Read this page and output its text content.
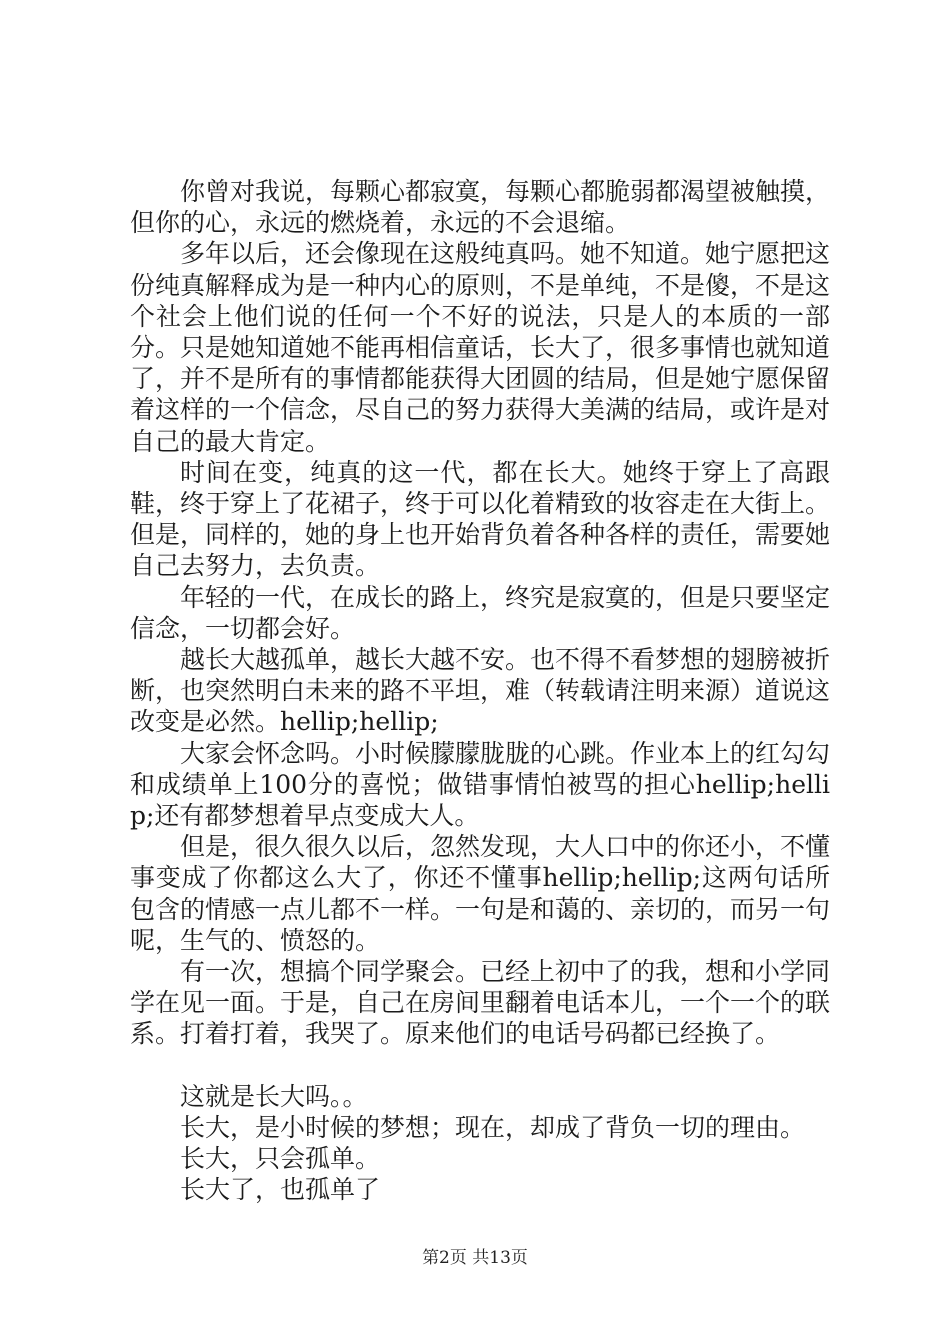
你曾对我说，每颗心都寂寞，每颗心都脆弱都渴望被触摸，但你的心，永远的燃烧着，永远的不会退缩。

多年以后，还会像现在这般纯真吗。她不知道。她宁愿把这份纯真解释成为是一种内心的原则，不是单纯，不是傻，不是这个社会上他们说的任何一个不好的说法，只是人的本质的一部分。只是她知道她不能再相信童话，长大了，很多事情也就知道了，并不是所有的事情都能获得大团圆的结局，但是她宁愿保留着这样的一个信念，尽自己的努力获得大美满的结局，或许是对自己的最大肯定。

时间在变，纯真的这一代，都在长大。她终于穿上了高跟鞋，终于穿上了花裙子，终于可以化着精致的妆容走在大街上。但是，同样的，她的身上也开始背负着各种各样的责任，需要她自己去努力，去负责。

年轻的一代，在成长的路上，终究是寂寞的，但是只要坚定信念，一切都会好。

越长大越孤单，越长大越不安。也不得不看梦想的翅膀被折断，也突然明白未来的路不平坦，难（转载请注明来源）道说这改变是必然。hellip;hellip;

大家会怀念吗。小时候朦朦胧胧的心跳。作业本上的红勾勾和成绩单上100分的喜悦；做错事情怕被骂的担心hellip;hellip;还有都梦想着早点变成大人。

但是，很久很久以后，忽然发现，大人口中的你还小，不懂事变成了你都这么大了，你还不懂事hellip;hellip;这两句话所包含的情感一点儿都不一样。一句是和蔼的、亲切的，而另一句呢，生气的、愤怒的。

有一次，想搞个同学聚会。已经上初中了的我，想和小学同学在见一面。于是，自己在房间里翻着电话本儿，一个一个的联系。打着打着，我哭了。原来他们的电话号码都已经换了。

这就是长大吗。。

长大，是小时候的梦想；现在，却成了背负一切的理由。

长大，只会孤单。

长大了，也孤单了

第2页 共13页
